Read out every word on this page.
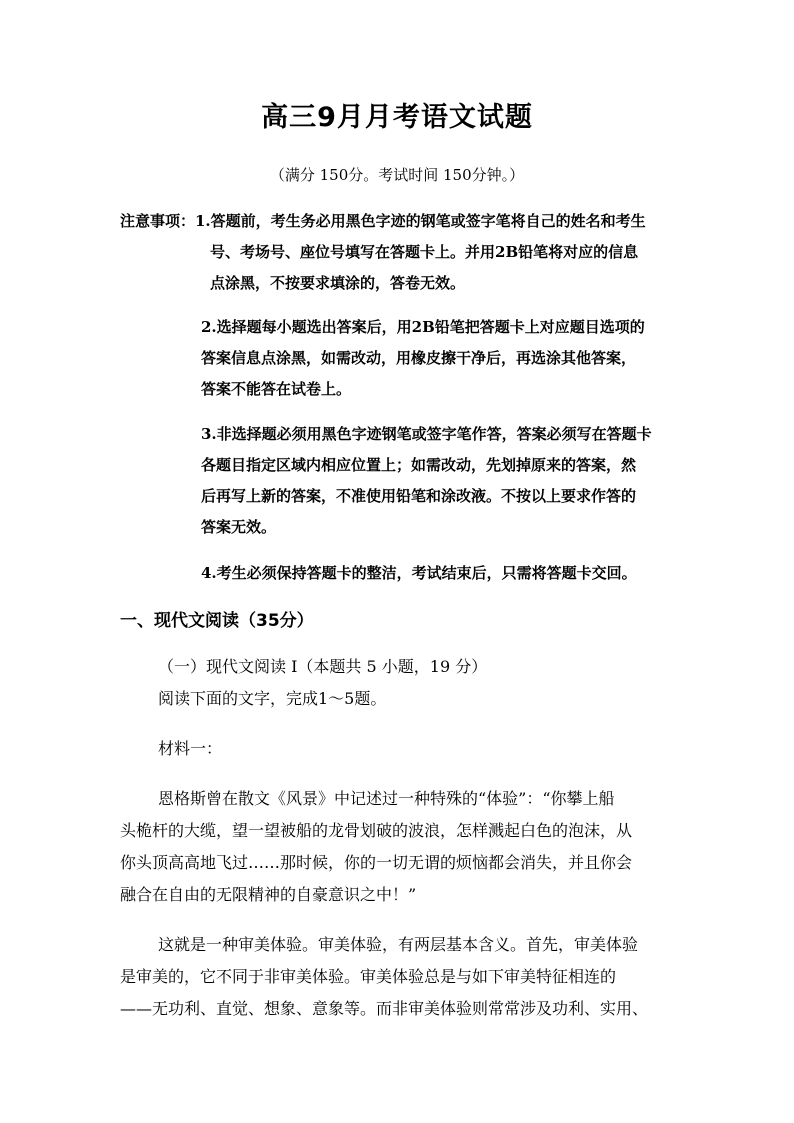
高三9月月考语文试题
（满分 150分。考试时间 150分钟。）
注意事项： 1.答题前，考生务必用黑色字迹的钢笔或签字笔将自己的姓名和考生
号、考场号、座位号填写在答题卡上。并用2B铅笔将对应的信息
点涂黑，不按要求填涂的，答卷无效。
2.选择题每小题选出答案后，用2B铅笔把答题卡上对应题目选项的
答案信息点涂黑，如需改动，用橡皮擦干净后，再选涂其他答案，
答案不能答在试卷上。
3.非选择题必须用黑色字迹钢笔或签字笔作答，答案必须写在答题卡
各题目指定区域内相应位置上；如需改动，先划掉原来的答案，然
后再写上新的答案，不准使用铅笔和涂改液。不按以上要求作答的
答案无效。
4.考生必须保持答题卡的整洁，考试结束后，只需将答题卡交回。
一、现代文阅读（35分）
（一）现代文阅读 I（本题共 5 小题，19 分）
阅读下面的文字，完成1～5题。
材料一：
恩格斯曾在散文《风景》中记述过一种特殊的“体验”：“你攀上船
头桅杆的大缆，望一望被船的龙骨划破的波浪，怎样溅起白色的泡沫，从
你头顶高高地飞过……那时候，你的一切无谓的烦恼都会消失，并且你会
融合在自由的无限精神的自豪意识之中！”
这就是一种审美体验。审美体验，有两层基本含义。首先，审美体验
是审美的，它不同于非审美体验。审美体验总是与如下审美特征相连的
——无功利、直觉、想象、意象等。而非审美体验则常常涉及功利、实用、
